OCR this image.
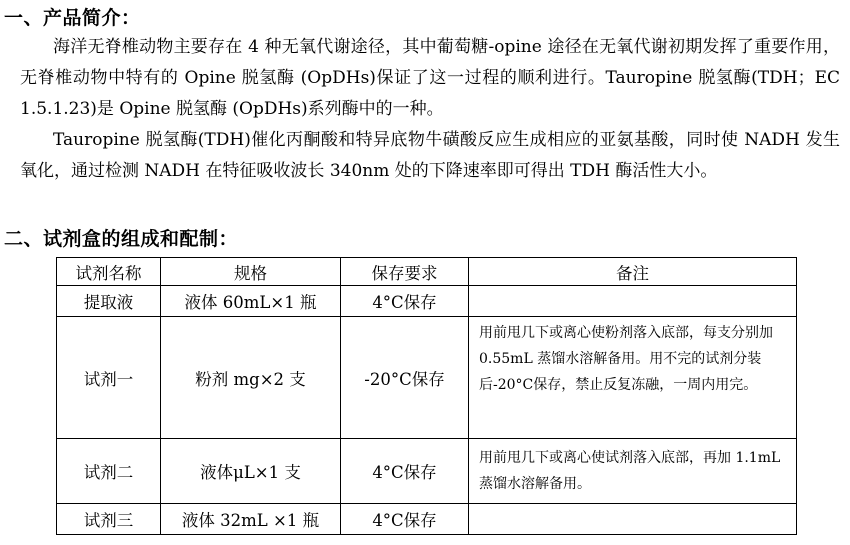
一、产品简介：

海洋无脊椎动物主要存在 4 种无氧代谢途径，其中葡萄糖-opine 途径在无氧代谢初期发挥了重要作用，无脊椎动物中特有的 Opine 脱氢酶 (OpDHs)保证了这一过程的顺利进行。Tauropine 脱氢酶(TDH；EC 1.5.1.23)是 Opine 脱氢酶 (OpDHs)系列酶中的一种。

Tauropine 脱氢酶(TDH)催化丙酮酸和特异底物牛磺酸反应生成相应的亚氨基酸，同时使 NADH 发生氧化，通过检测 NADH 在特征吸收波长 340nm 处的下降速率即可得出 TDH 酶活性大小。

二、试剂盒的组成和配制：
试剂名称	规格	保存要求	备注
提取液	液体 60mL×1 瓶	4°C保存	
试剂一	粉剂 mg×2 支	-20°C保存	用前甩几下或离心使粉剂落入底部，每支分别加 0.55mL 蒸馏水溶解备用。用不完的试剂分装后-20°C保存，禁止反复冻融，一周内用完。
试剂二	液体μL×1 支	4°C保存	用前甩几下或离心使试剂落入底部，再加 1.1mL 蒸馏水溶解备用。
试剂三	液体 32mL ×1 瓶	4°C保存	
